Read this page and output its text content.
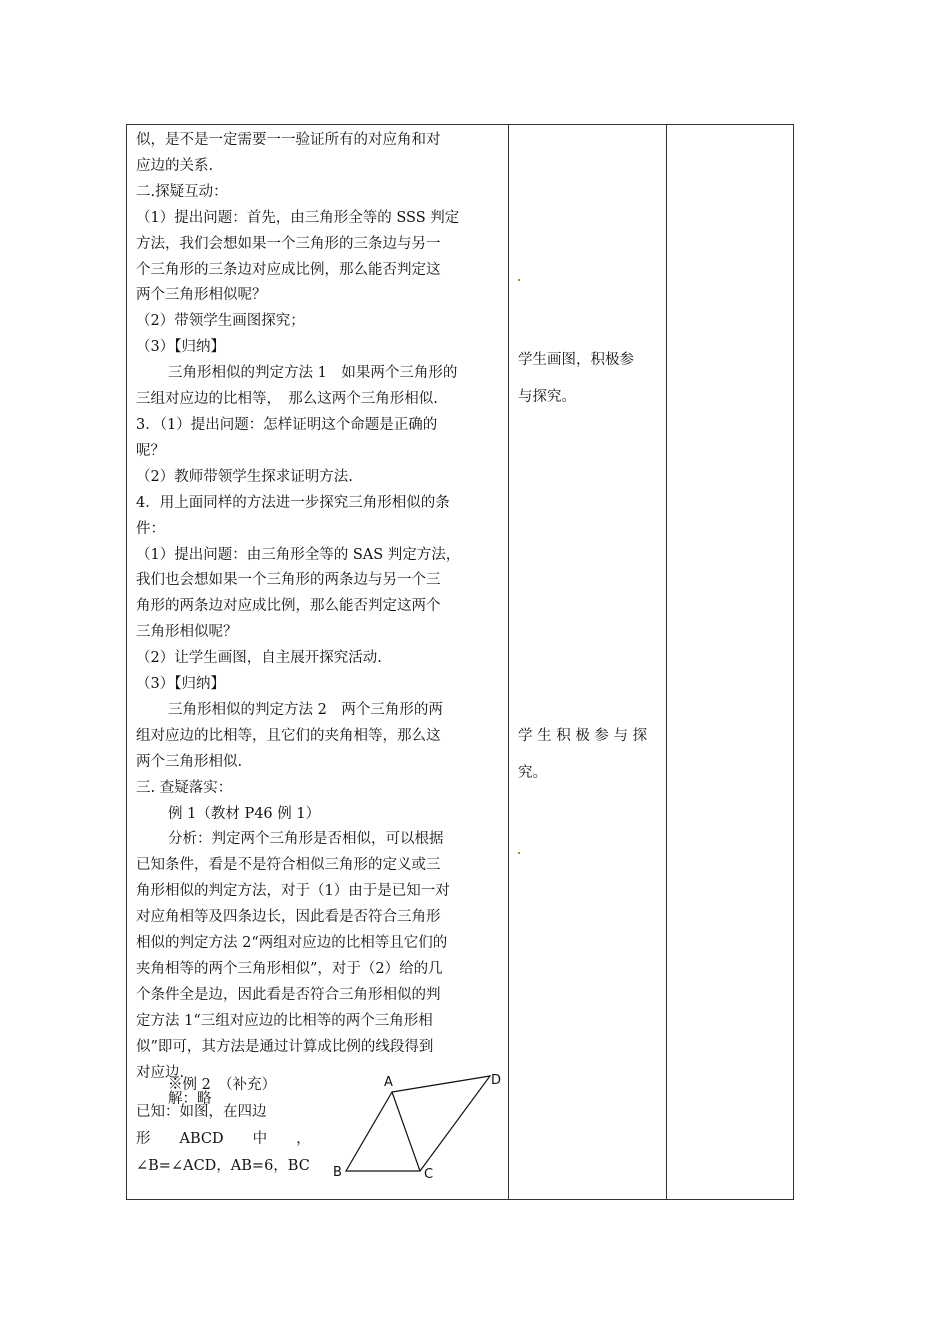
似，是不是一定需要一一验证所有的对应角和对

应边的关系.

二.探疑互动：

（1）提出问题：首先，由三角形全等的 SSS 判定

方法，我们会想如果一个三角形的三条边与另一

个三角形的三条边对应成比例，那么能否判定这

两个三角形相似呢？

（2）带领学生画图探究；

（3）【归纳】

三角形相似的判定方法 1　如果两个三角形的

三组对应边的比相等，　那么这两个三角形相似.

3．（1）提出问题：怎样证明这个命题是正确的

呢？

（2）教师带领学生探求证明方法.

4．用上面同样的方法进一步探究三角形相似的条

件：

（1）提出问题：由三角形全等的 SAS 判定方法，

我们也会想如果一个三角形的两条边与另一个三

角形的两条边对应成比例，那么能否判定这两个

三角形相似呢？

（2）让学生画图，自主展开探究活动.

（3）【归纳】

三角形相似的判定方法 2　两个三角形的两

组对应边的比相等，且它们的夹角相等，那么这

两个三角形相似.

三. 查疑落实：

例 1（教材 P46 例 1）

分析：判定两个三角形是否相似，可以根据

已知条件，看是不是符合相似三角形的定义或三

角形相似的判定方法，对于（1）由于是已知一对

对应角相等及四条边长，因此看是否符合三角形

相似的判定方法 2“两组对应边的比相等且它们的

夹角相等的两个三角形相似”，对于（2）给的几

个条件全是边，因此看是否符合三角形相似的判

定方法 1“三组对应边的比相等的两个三角形相

似”即可，其方法是通过计算成比例的线段得到

对应边.

解：略

※例 2　（补充）

已知：如图，在四边

形　　ABCD　　中　　，

∠B=∠ACD，AB=6，BC

A	D
B	C

学生画图，积极参

与探究。

学 生 积 极 参 与 探

究。
